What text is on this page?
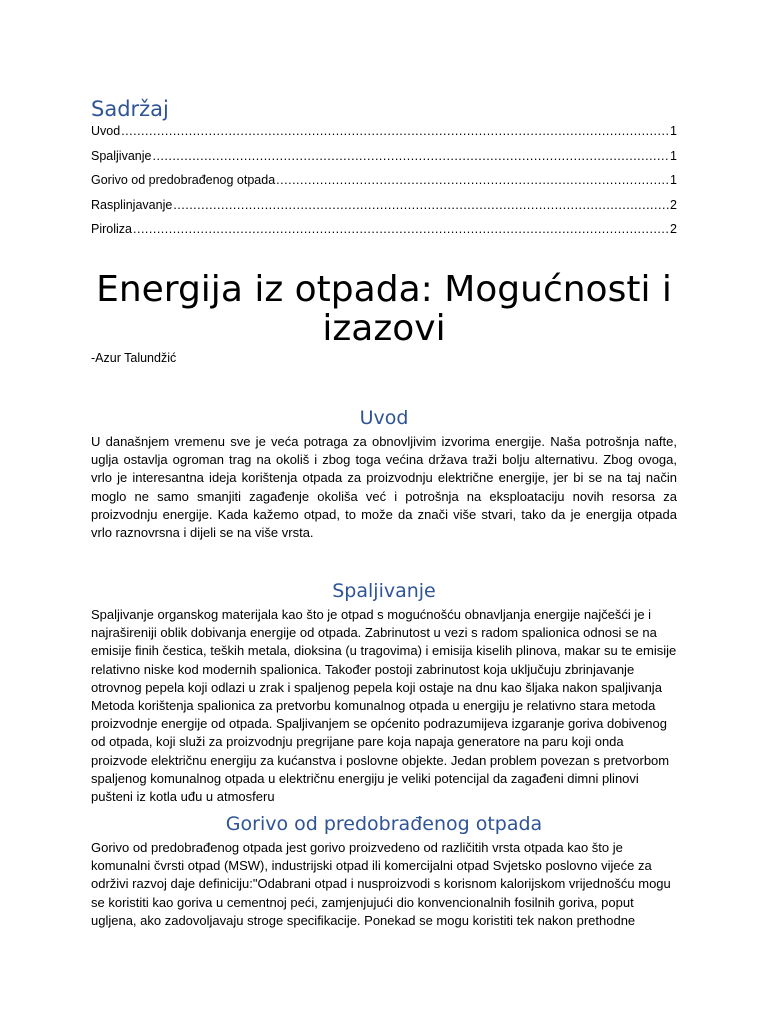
Sadržaj
Uvod .....	1
Spaljivanje .....	1
Gorivo od predobrađenog otpada .....	1
Rasplinjavanje .....	2
Piroliza .....	2
Energija iz otpada: Mogućnosti i izazovi

-Azur Talundžić

Uvod

U današnjem vremenu sve je veća potraga za obnovljivim izvorima energije. Naša potrošnja nafte, uglja ostavlja ogroman trag na okoliš i zbog toga većina država traži bolju alternativu. Zbog ovoga, vrlo je interesantna ideja korištenja otpada za proizvodnju električne energije, jer bi se na taj način moglo ne samo smanjiti zagađenje okoliša već i potrošnja na eksploataciju novih resorsa za proizvodnju energije. Kada kažemo otpad, to može da znači više stvari, tako da je energija otpada vrlo raznovrsna i dijeli se na više vrsta.

Spaljivanje

Spaljivanje organskog materijala kao što je otpad s mogućnošću obnavljanja energije najčešći je i najrašireniji oblik dobivanja energije od otpada. Zabrinutost u vezi s radom spalionica odnosi se na emisije finih čestica, teških metala, dioksina (u tragovima) i emisija kiselih plinova, makar su te emisije relativno niske kod modernih spalionica. Također postoji zabrinutost koja uključuju zbrinjavanje otrovnog pepela koji odlazi u zrak i spaljenog pepela koji ostaje na dnu kao šljaka nakon spaljivanja Metoda korištenja spalionica za pretvorbu komunalnog otpada u energiju je relativno stara metoda proizvodnje energije od otpada. Spaljivanjem se općenito podrazumijeva izgaranje goriva dobivenog od otpada, koji služi za proizvodnju pregrijane pare koja napaja generatore na paru koji onda proizvode električnu energiju za kućanstva i poslovne objekte. Jedan problem povezan s pretvorbom spaljenog komunalnog otpada u električnu energiju je veliki potencijal da zagađeni dimni plinovi pušteni iz kotla uđu u atmosferu

Gorivo od predobrađenog otpada

Gorivo od predobrađenog otpada jest gorivo proizvedeno od različitih vrsta otpada kao što je komunalni čvrsti otpad (MSW), industrijski otpad ili komercijalni otpad Svjetsko poslovno vijeće za održivi razvoj daje definiciju:"Odabrani otpad i nusproizvodi s korisnom kalorijskom vrijednošću mogu se koristiti kao goriva u cementnoj peći, zamjenjujući dio konvencionalnih fosilnih goriva, poput ugljena, ako zadovoljavaju stroge specifikacije. Ponekad se mogu koristiti tek nakon prethodne
